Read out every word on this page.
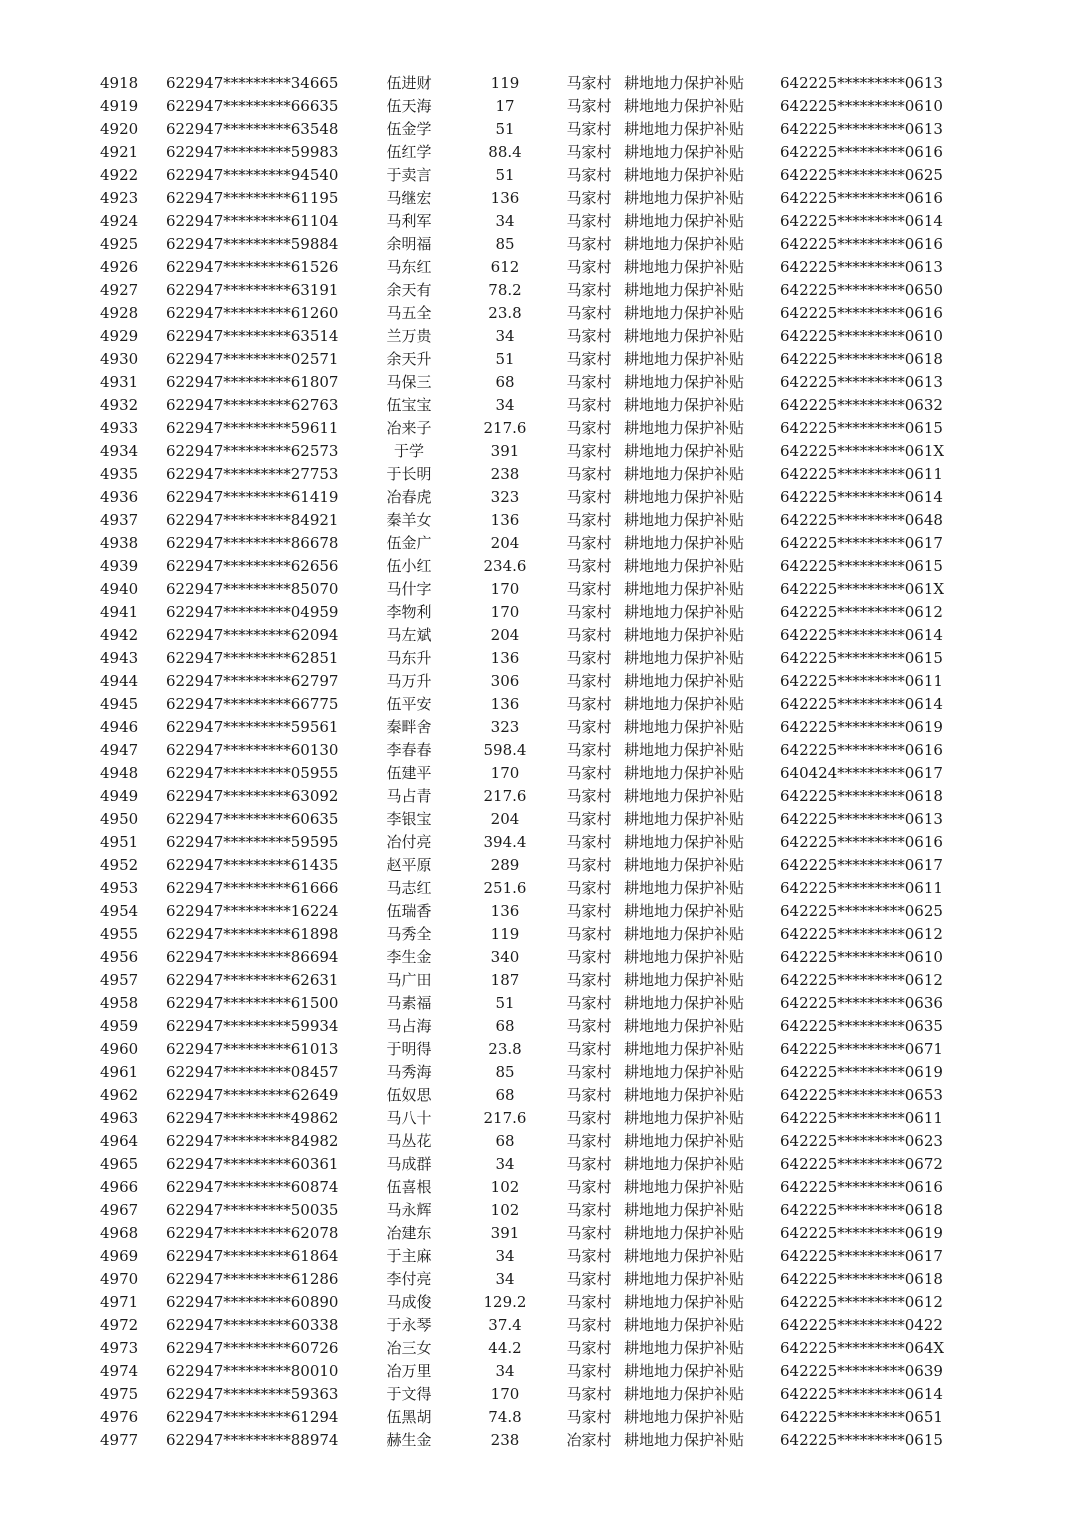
4918	622947*********34665	伍进财	119	马家村	耕地地力保护补贴	642225*********0613
4919	622947*********66635	伍天海	17	马家村	耕地地力保护补贴	642225*********0610
4920	622947*********63548	伍金学	51	马家村	耕地地力保护补贴	642225*********0613
4921	622947*********59983	伍红学	88.4	马家村	耕地地力保护补贴	642225*********0616
4922	622947*********94540	于卖言	51	马家村	耕地地力保护补贴	642225*********0625
4923	622947*********61195	马继宏	136	马家村	耕地地力保护补贴	642225*********0616
4924	622947*********61104	马利军	34	马家村	耕地地力保护补贴	642225*********0614
4925	622947*********59884	余明福	85	马家村	耕地地力保护补贴	642225*********0616
4926	622947*********61526	马东红	612	马家村	耕地地力保护补贴	642225*********0613
4927	622947*********63191	余天有	78.2	马家村	耕地地力保护补贴	642225*********0650
4928	622947*********61260	马五全	23.8	马家村	耕地地力保护补贴	642225*********0616
4929	622947*********63514	兰万贵	34	马家村	耕地地力保护补贴	642225*********0610
4930	622947*********02571	余天升	51	马家村	耕地地力保护补贴	642225*********0618
4931	622947*********61807	马保三	68	马家村	耕地地力保护补贴	642225*********0613
4932	622947*********62763	伍宝宝	34	马家村	耕地地力保护补贴	642225*********0632
4933	622947*********59611	冶来子	217.6	马家村	耕地地力保护补贴	642225*********0615
4934	622947*********62573	于学	391	马家村	耕地地力保护补贴	642225*********061X
4935	622947*********27753	于长明	238	马家村	耕地地力保护补贴	642225*********0611
4936	622947*********61419	冶春虎	323	马家村	耕地地力保护补贴	642225*********0614
4937	622947*********84921	秦羊女	136	马家村	耕地地力保护补贴	642225*********0648
4938	622947*********86678	伍金广	204	马家村	耕地地力保护补贴	642225*********0617
4939	622947*********62656	伍小红	234.6	马家村	耕地地力保护补贴	642225*********0615
4940	622947*********85070	马什字	170	马家村	耕地地力保护补贴	642225*********061X
4941	622947*********04959	李物利	170	马家村	耕地地力保护补贴	642225*********0612
4942	622947*********62094	马左斌	204	马家村	耕地地力保护补贴	642225*********0614
4943	622947*********62851	马东升	136	马家村	耕地地力保护补贴	642225*********0615
4944	622947*********62797	马万升	306	马家村	耕地地力保护补贴	642225*********0611
4945	622947*********66775	伍平安	136	马家村	耕地地力保护补贴	642225*********0614
4946	622947*********59561	秦畔舍	323	马家村	耕地地力保护补贴	642225*********0619
4947	622947*********60130	李春春	598.4	马家村	耕地地力保护补贴	642225*********0616
4948	622947*********05955	伍建平	170	马家村	耕地地力保护补贴	640424*********0617
4949	622947*********63092	马占青	217.6	马家村	耕地地力保护补贴	642225*********0618
4950	622947*********60635	李银宝	204	马家村	耕地地力保护补贴	642225*********0613
4951	622947*********59595	冶付亮	394.4	马家村	耕地地力保护补贴	642225*********0616
4952	622947*********61435	赵平原	289	马家村	耕地地力保护补贴	642225*********0617
4953	622947*********61666	马志红	251.6	马家村	耕地地力保护补贴	642225*********0611
4954	622947*********16224	伍瑞香	136	马家村	耕地地力保护补贴	642225*********0625
4955	622947*********61898	马秀全	119	马家村	耕地地力保护补贴	642225*********0612
4956	622947*********86694	李生金	340	马家村	耕地地力保护补贴	642225*********0610
4957	622947*********62631	马广田	187	马家村	耕地地力保护补贴	642225*********0612
4958	622947*********61500	马素福	51	马家村	耕地地力保护补贴	642225*********0636
4959	622947*********59934	马占海	68	马家村	耕地地力保护补贴	642225*********0635
4960	622947*********61013	于明得	23.8	马家村	耕地地力保护补贴	642225*********0671
4961	622947*********08457	马秀海	85	马家村	耕地地力保护补贴	642225*********0619
4962	622947*********62649	伍奴思	68	马家村	耕地地力保护补贴	642225*********0653
4963	622947*********49862	马八十	217.6	马家村	耕地地力保护补贴	642225*********0611
4964	622947*********84982	马丛花	68	马家村	耕地地力保护补贴	642225*********0623
4965	622947*********60361	马成群	34	马家村	耕地地力保护补贴	642225*********0672
4966	622947*********60874	伍喜根	102	马家村	耕地地力保护补贴	642225*********0616
4967	622947*********50035	马永辉	102	马家村	耕地地力保护补贴	642225*********0618
4968	622947*********62078	冶建东	391	马家村	耕地地力保护补贴	642225*********0619
4969	622947*********61864	于主麻	34	马家村	耕地地力保护补贴	642225*********0617
4970	622947*********61286	李付亮	34	马家村	耕地地力保护补贴	642225*********0618
4971	622947*********60890	马成俊	129.2	马家村	耕地地力保护补贴	642225*********0612
4972	622947*********60338	于永琴	37.4	马家村	耕地地力保护补贴	642225*********0422
4973	622947*********60726	冶三女	44.2	马家村	耕地地力保护补贴	642225*********064X
4974	622947*********80010	冶万里	34	马家村	耕地地力保护补贴	642225*********0639
4975	622947*********59363	于文得	170	马家村	耕地地力保护补贴	642225*********0614
4976	622947*********61294	伍黑胡	74.8	马家村	耕地地力保护补贴	642225*********0651
4977	622947*********88974	赫生金	238	冶家村	耕地地力保护补贴	642225*********0615
